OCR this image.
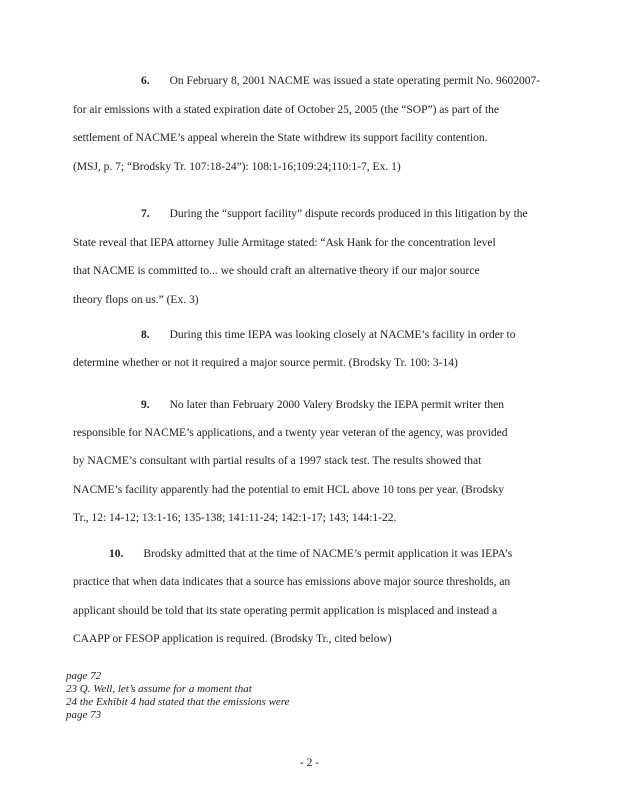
6. On February 8, 2001 NACME was issued a state operating permit No. 9602007-
for air emissions with a stated expiration date of October 25, 2005 (the “SOP”) as part of the
settlement of NACME’s appeal wherein the State withdrew its support facility contention.
(MSJ, p. 7; “Brodsky Tr. 107:18-24”): 108:1-16;109:24;110:1-7, Ex. 1)
7. During the “support facility” dispute records produced in this litigation by the
State reveal that IEPA attorney Julie Armitage stated: “Ask Hank for the concentration level
that NACME is committed to... we should craft an alternative theory if our major source
theory flops on us.” (Ex. 3)
8. During this time IEPA was looking closely at NACME’s facility in order to
determine whether or not it required a major source permit. (Brodsky Tr. 100: 3-14)
9. No later than February 2000 Valery Brodsky the IEPA permit writer then
responsible for NACME’s applications, and a twenty year veteran of the agency, was provided
by NACME’s consultant with partial results of a 1997 stack test. The results showed that
NACME’s facility apparently had the potential to emit HCL above 10 tons per year. (Brodsky
Tr., 12: 14-12; 13:1-16; 135-138; 141:11-24; 142:1-17; 143; 144:1-22.
10. Brodsky admitted that at the time of NACME’s permit application it was IEPA’s
practice that when data indicates that a source has emissions above major source thresholds, an
applicant should be told that its state operating permit application is misplaced and instead a
CAAPP or FESOP application is required. (Brodsky Tr., cited below)
page 72
23 Q. Well, let’s assume for a moment that
24 the Exhibit 4 had stated that the emissions were
page 73
- 2 -
